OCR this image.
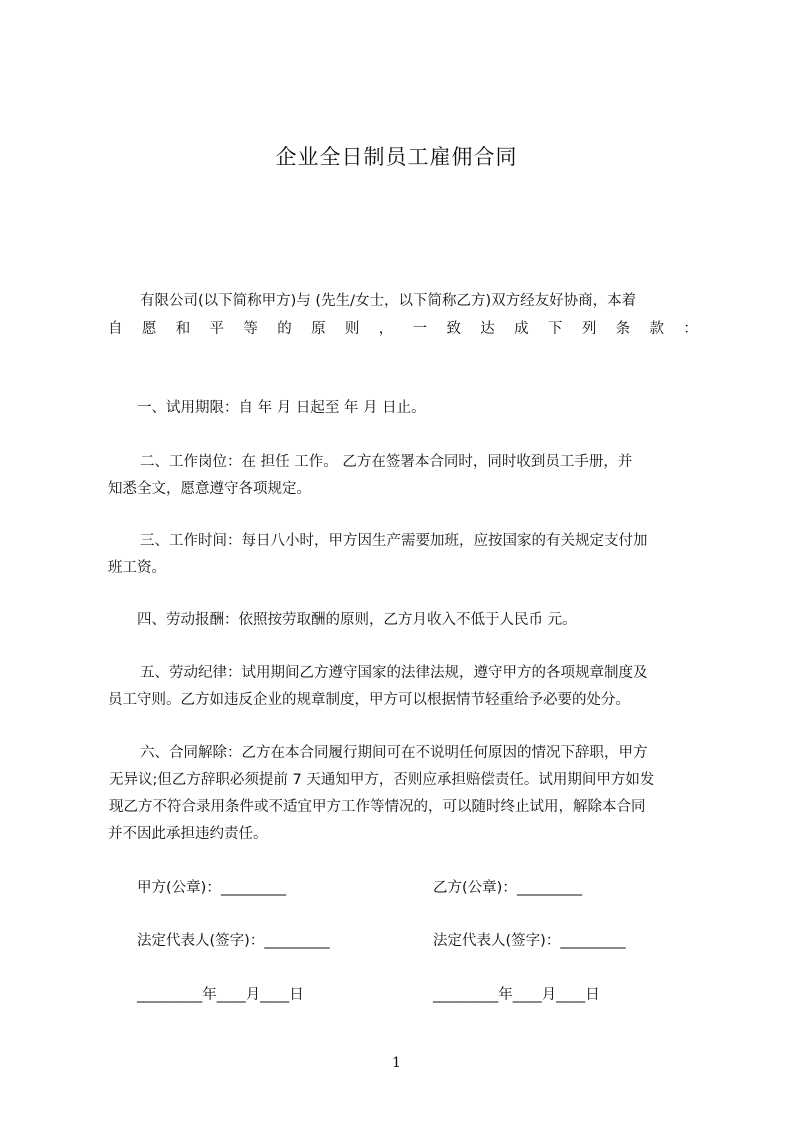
企业全日制员工雇佣合同
有限公司(以下简称甲方)与 (先生/女士，以下简称乙方)双方经友好协商，本着
自 愿 和 平 等 的 原 则 ， 一 致 达 成 下 列 条 款 ：
一、试用期限：自 年 月 日起至 年 月 日止。
二、工作岗位：在 担任 工作。 乙方在签署本合同时，同时收到员工手册，并
知悉全文，愿意遵守各项规定。
三、工作时间：每日八小时，甲方因生产需要加班，应按国家的有关规定支付加
班工资。
四、劳动报酬：依照按劳取酬的原则，乙方月收入不低于人民币 元。
五、劳动纪律：试用期间乙方遵守国家的法律法规，遵守甲方的各项规章制度及
员工守则。乙方如违反企业的规章制度，甲方可以根据情节轻重给予必要的处分。
六、合同解除：乙方在本合同履行期间可在不说明任何原因的情况下辞职，甲方
无异议;但乙方辞职必须提前 7 天通知甲方，否则应承担赔偿责任。试用期间甲方如发
现乙方不符合录用条件或不适宜甲方工作等情况的，可以随时终止试用，解除本合同
并不因此承担违约责任。
甲方(公章)：_________	乙方(公章)：_________
法定代表人(签字)：_________	法定代表人(签字)：_________
_________年____月____日	_________年____月____日
1
